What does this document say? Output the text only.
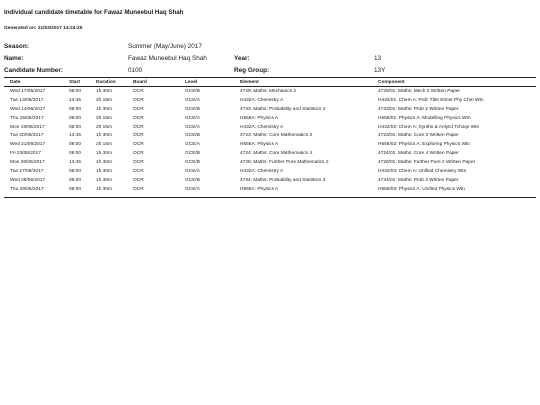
Individual candidate timetable for Fawaz Muneebul Haq Shah
Generated on: 21/03/2017 14:24:25
Season:	Summer (May/June) 2017
Name:	Fawaz Muneebul Haq Shah	Year:	13
Candidate Number:	0100	Reg Group:	13Y
Date	Start	Duration	Board	Level	Element	Component
Wed 17/05/2017	09:00	1h 30m	OCR	GCE/B	4729: Maths: Mechanics 2	4729/01: Maths: Mech 2 Written Paper
Tue 13/06/2017	13:45	2h 15m	OCR	GCE/A	H432A: Chemistry A	H432/01: Chem A: Prdc Tble Elmnt Phy Chm Wtn
Wed 14/06/2017	09:00	1h 30m	OCR	GCE/B	4733: Maths: Probability and Statistics 2	4733/01: Maths: Prob 2 Written Paper
Thu 15/06/2017	09:00	2h 15m	OCR	GCE/A	H556A: Physics A	H556/01: Physics A: Modelling Physics Wtn
Mon 19/06/2017	09:00	2h 15m	OCR	GCE/A	H432A: Chemistry A	H432/02: Chem A: Synths & Anlytcl Tchnqs Wtn
Tue 20/06/2017	13:45	1h 30m	OCR	GCE/B	4723: Maths: Core Mathematics 3	4723/01: Maths: Core 3 Written Paper
Wed 21/06/2017	09:00	2h 15m	OCR	GCE/A	H556A: Physics A	H556/02: Physics A: Exploring Physics Wtn
Fri 23/06/2017	09:00	1h 30m	OCR	GCE/B	4724: Maths: Core Mathematics 4	4724/01: Maths: Core 4 Written Paper
Mon 26/06/2017	13:45	1h 30m	OCR	GCE/B	4726: Maths: Further Pure Mathematics 2	4726/01: Maths: Further Pure 2 Written Paper
Tue 27/06/2017	09:00	1h 30m	OCR	GCE/A	H432A: Chemistry A	H432/03: Chem A: Unified Chemistry Wtn
Wed 28/06/2017	09:00	1h 30m	OCR	GCE/B	4734: Maths: Probability and Statistics 3	4734/01: Maths: Prob 3 Written Paper
Thu 29/06/2017	09:00	1h 30m	OCR	GCE/A	H556A: Physics A	H556/03: Physics A: Unified Physics Wtn
